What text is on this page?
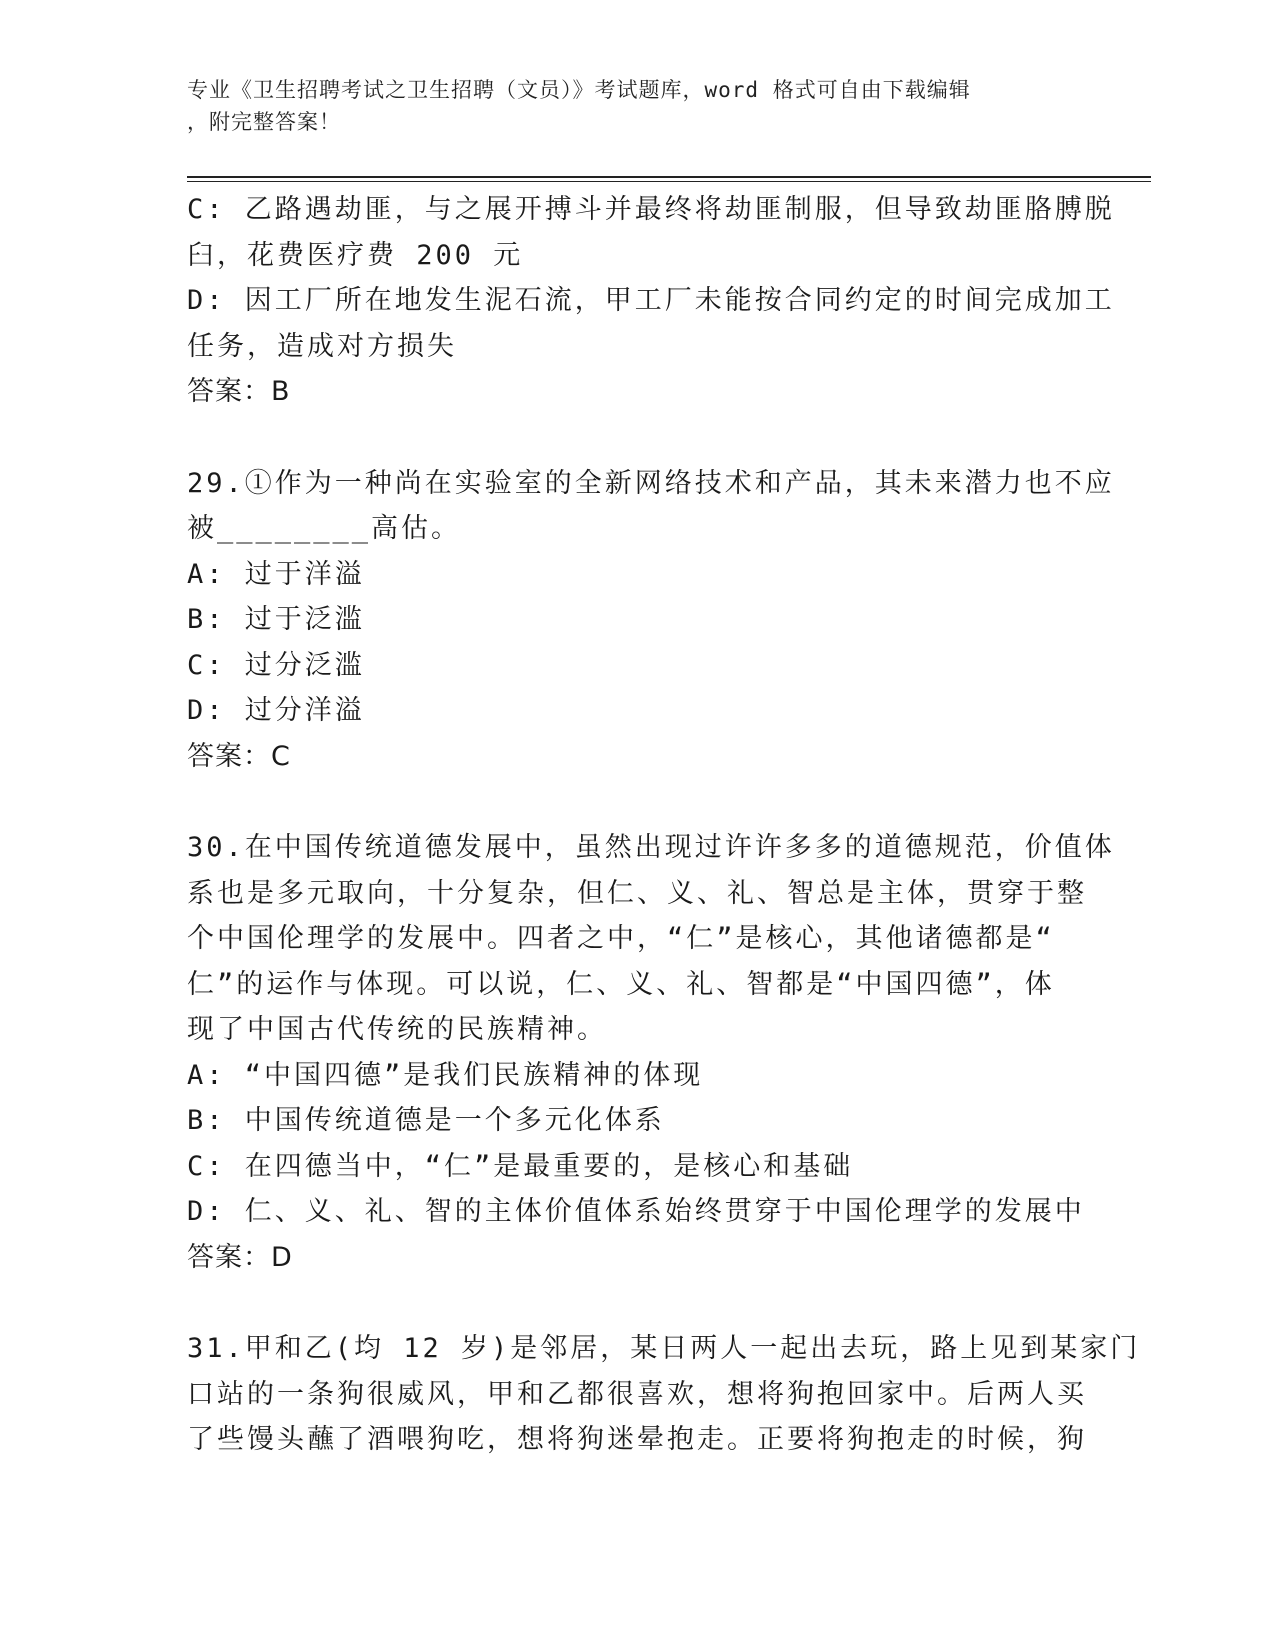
专业《卫生招聘考试之卫生招聘（文员）》考试题库，word 格式可自由下载编辑
，附完整答案！
C: 乙路遇劫匪，与之展开搏斗并最终将劫匪制服，但导致劫匪胳膊脱
臼，花费医疗费 200 元
D: 因工厂所在地发生泥石流，甲工厂未能按合同约定的时间完成加工
任务，造成对方损失
答案：B
29.①作为一种尚在实验室的全新网络技术和产品，其未来潜力也不应
被________高估。
A: 过于洋溢
B: 过于泛滥
C: 过分泛滥
D: 过分洋溢
答案：C
30.在中国传统道德发展中，虽然出现过许许多多的道德规范，价值体
系也是多元取向，十分复杂，但仁、义、礼、智总是主体，贯穿于整
个中国伦理学的发展中。四者之中，“仁”是核心，其他诸德都是“
仁”的运作与体现。可以说，仁、义、礼、智都是“中国四德”，体
现了中国古代传统的民族精神。
A: “中国四德”是我们民族精神的体现
B: 中国传统道德是一个多元化体系
C: 在四德当中，“仁”是最重要的，是核心和基础
D: 仁、义、礼、智的主体价值体系始终贯穿于中国伦理学的发展中
答案：D
31.甲和乙(均 12 岁)是邻居，某日两人一起出去玩，路上见到某家门
口站的一条狗很威风，甲和乙都很喜欢，想将狗抱回家中。后两人买
了些馒头蘸了酒喂狗吃，想将狗迷晕抱走。正要将狗抱走的时候，狗
